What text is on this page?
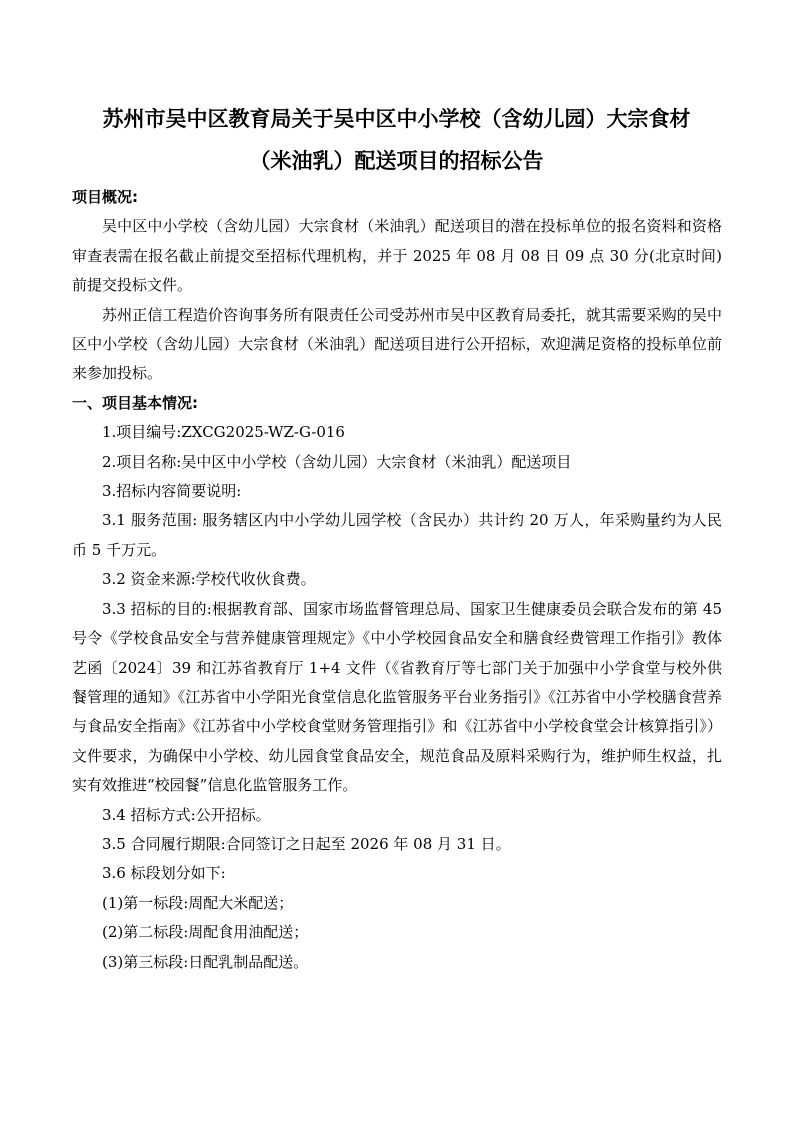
苏州市吴中区教育局关于吴中区中小学校（含幼儿园）大宗食材
（米油乳）配送项目的招标公告

项目概况:

吴中区中小学校（含幼儿园）大宗食材（米油乳）配送项目的潜在投标单位的报名资料和资格审查表需在报名截止前提交至招标代理机构，并于 2025 年 08 月 08 日 09 点 30 分(北京时间)前提交投标文件。

苏州正信工程造价咨询事务所有限责任公司受苏州市吴中区教育局委托，就其需要采购的吴中区中小学校（含幼儿园）大宗食材（米油乳）配送项目进行公开招标，欢迎满足资格的投标单位前来参加投标。

一、项目基本情况:

1.项目编号:ZXCG2025-WZ-G-016

2.项目名称:吴中区中小学校（含幼儿园）大宗食材（米油乳）配送项目

3.招标内容简要说明:

3.1 服务范围: 服务辖区内中小学幼儿园学校（含民办）共计约 20 万人，年采购量约为人民币 5 千万元。

3.2 资金来源:学校代收伙食费。

3.3 招标的目的:根据教育部、国家市场监督管理总局、国家卫生健康委员会联合发布的第 45 号令《学校食品安全与营养健康管理规定》《中小学校园食品安全和膳食经费管理工作指引》教体艺函〔2024〕39 和江苏省教育厅 1+4 文件（《省教育厅等七部门关于加强中小学食堂与校外供餐管理的通知》《江苏省中小学阳光食堂信息化监管服务平台业务指引》《江苏省中小学校膳食营养与食品安全指南》《江苏省中小学校食堂财务管理指引》和《江苏省中小学校食堂会计核算指引》）文件要求，为确保中小学校、幼儿园食堂食品安全，规范食品及原料采购行为，维护师生权益，扎实有效推进“校园餐”信息化监管服务工作。

3.4 招标方式:公开招标。

3.5 合同履行期限:合同签订之日起至 2026 年 08 月 31 日。

3.6 标段划分如下:

(1)第一标段:周配大米配送；

(2)第二标段:周配食用油配送；

(3)第三标段:日配乳制品配送。
